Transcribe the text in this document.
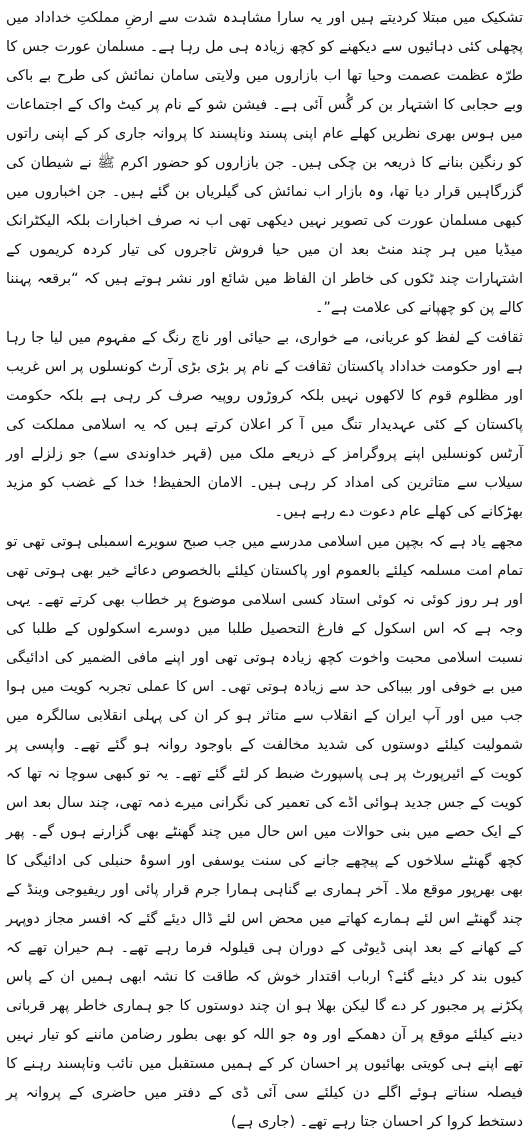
تشکیک میں مبتلا کردیتے ہیں اور یہ سارا مشاہدہ شدت سے ارضِ مملکتِ خداداد میں پچھلی کئی دہائیوں سے دیکھنے کو کچھ زیادہ ہی مل رہا ہے۔ مسلمان عورت جس کا طرّہ عظمت عصمت وحیا تھا اب بازاروں میں ولایتی سامان نمائش کی طرح بے باکی وبے حجابی کا اشتہار بن کر گُس آئی ہے۔ فیشن شو کے نام پر کیٹ واک کے اجتماعات میں ہوس بھری نظریں کھلے عام اپنی پسند وناپسند کا پروانہ جاری کر کے اپنی راتوں کو رنگین بنانے کا ذریعہ بن چکی ہیں۔ جن بازاروں کو حضور اکرم ﷺ نے شیطان کی گزرگاہیں قرار دیا تھا، وہ بازار اب نمائش کی گیلریاں بن گئے ہیں۔ جن اخباروں میں کبھی مسلمان عورت کی تصویر نہیں دیکھی تھی اب نہ صرف اخبارات بلکہ الیکٹرانک میڈیا میں ہر چند منٹ بعد ان میں حیا فروش تاجروں کی تیار کردہ کریموں کے اشتہارات چند ٹکوں کی خاطر ان الفاظ میں شائع اور نشر ہوتے ہیں کہ “برقعہ پہننا کالے پن کو چھپانے کی علامت ہے”۔

ثقافت کے لفظ کو عریانی، مے خواری، بے حیائی اور ناچ رنگ کے مفہوم میں لیا جا رہا ہے اور حکومت خداداد پاکستان ثقافت کے نام پر بڑی بڑی آرٹ کونسلوں پر اس غریب اور مظلوم قوم کا لاکھوں نہیں بلکہ کروڑوں روپیہ صرف کر رہی ہے بلکہ حکومت پاکستان کے کئی عہدیدار تنگ میں آ کر اعلان کرتے ہیں کہ یہ اسلامی مملکت کی آرٹس کونسلیں اپنے پروگرامز کے ذریعے ملک میں (قہر خداوندی سے) جو زلزلے اور سیلاب سے متاثرین کی امداد کر رہی ہیں۔ الامان الحفیظ! خدا کے غضب کو مزید بھڑکانے کی کھلے عام دعوت دے رہے ہیں۔

مجھے یاد ہے کہ بچپن میں اسلامی مدرسے میں جب صبح سویرے اسمبلی ہوتی تھی تو تمام امت مسلمہ کیلئے بالعموم اور پاکستان کیلئے بالخصوص دعائے خیر بھی ہوتی تھی اور ہر روز کوئی نہ کوئی استاد کسی اسلامی موضوع پر خطاب بھی کرتے تھے۔ یہی وجہ ہے کہ اس اسکول کے فارغ التحصیل طلبا میں دوسرے اسکولوں کے طلبا کی نسبت اسلامی محبت واخوت کچھ زیادہ ہوتی تھی اور اپنے مافی الضمیر کی ادائیگی میں بے خوفی اور بیباکی حد سے زیادہ ہوتی تھی۔ اس کا عملی تجربہ کویت میں ہوا جب میں اور آپ ایران کے انقلاب سے متاثر ہو کر ان کی پہلی انقلابی سالگرہ میں شمولیت کیلئے دوستوں کی شدید مخالفت کے باوجود روانہ ہو گئے تھے۔ واپسی پر کویت کے ائیرپورٹ پر ہی پاسپورٹ ضبط کر لئے گئے تھے۔ یہ تو کبھی سوچا نہ تھا کہ کویت کے جس جدید ہوائی اڈے کی تعمیر کی نگرانی میرے ذمہ تھی، چند سال بعد اس کے ایک حصے میں بنی حوالات میں اس حال میں چند گھنٹے بھی گزارنے ہوں گے۔ پھر کچھ گھنٹے سلاخوں کے پیچھے جانے کی سنت یوسفی اور اسوۂ حنبلی کی ادائیگی کا بھی بھرپور موقع ملا۔ آخر ہماری بے گناہی ہمارا جرم قرار پائی اور ریفیوجی وینڈ کے چند گھنٹے اس لئے ہمارے کھاتے میں محض اس لئے ڈال دیئے گئے کہ افسر مجاز دوپہر کے کھانے کے بعد اپنی ڈیوٹی کے دوران ہی قیلولہ فرما رہے تھے۔ ہم حیران تھے کہ کیوں بند کر دیئے گئے؟ ارباب اقتدار خوش کہ طاقت کا نشہ ابھی ہمیں ان کے پاس پکڑنے پر مجبور کر دے گا لیکن بھلا ہو ان چند دوستوں کا جو ہماری خاطر پھر قربانی دینے کیلئے موقع پر آن دھمکے اور وہ جو اللہ کو بھی بطور رضامن ماننے کو تیار نہیں تھے اپنے ہی کویتی بھائیوں پر احسان کر کے ہمیں مستقبل میں نائب وناپسند رہنے کا فیصلہ سناتے ہوئے اگلے دن کیلئے سی آئی ڈی کے دفتر میں حاضری کے پروانہ پر دستخط کروا کر احسان جتا رہے تھے۔ (جاری ہے)
